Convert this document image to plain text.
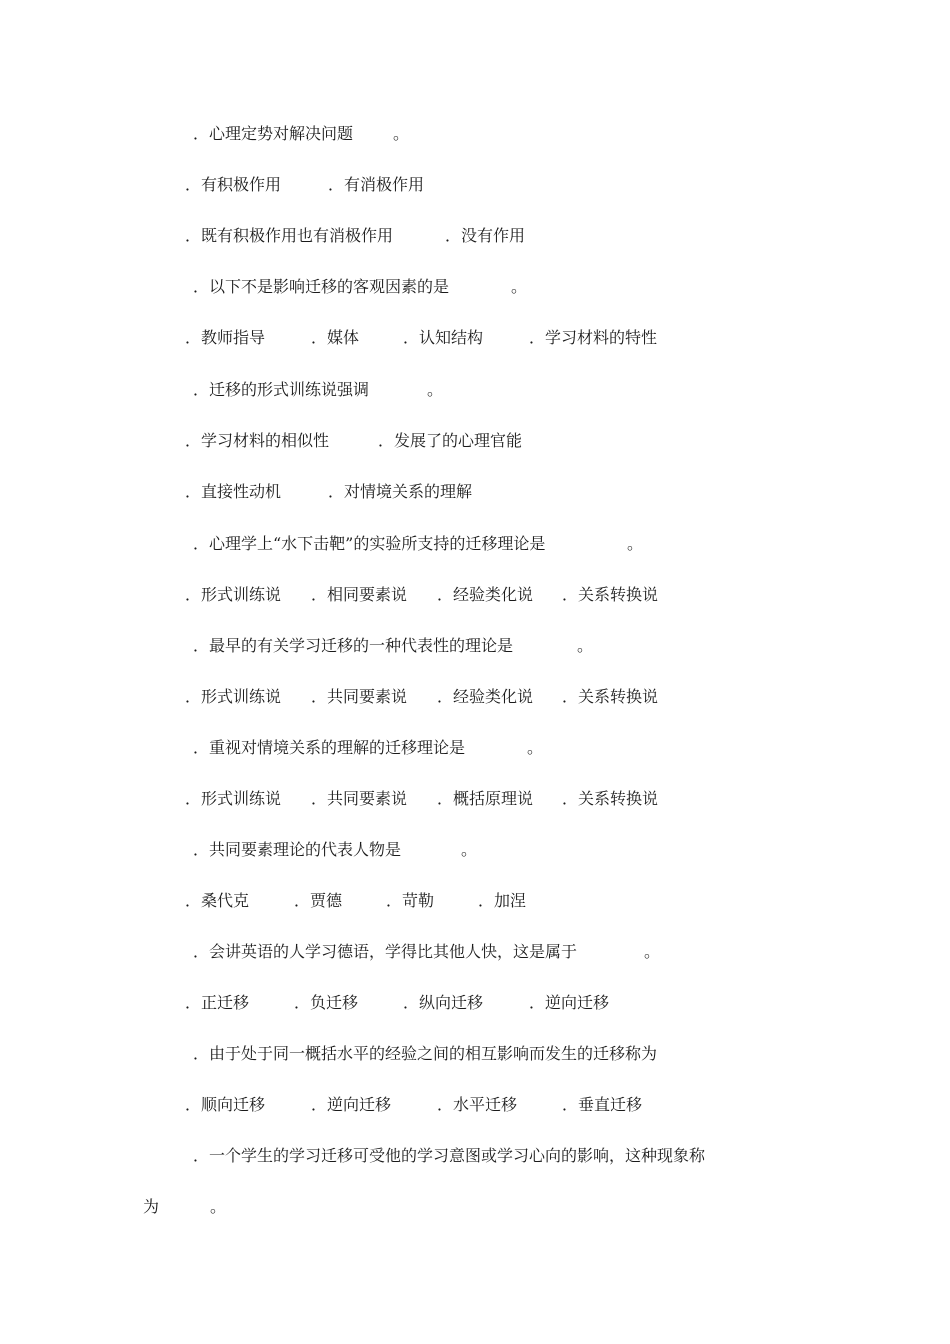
．心理定势对解决问题 。
．有积极作用	．有消极作用
．既有积极作用也有消极作用	．没有作用
．以下不是影响迁移的客观因素的是	。
．教师指导	．媒体	．认知结构	．学习材料的特性
．迁移的形式训练说强调	。
．学习材料的相似性	．发展了的心理官能
．直接性动机	．对情境关系的理解
．心理学上“水下击靶”的实验所支持的迁移理论是	。
．形式训练说 ．相同要素说 ．经验类化说 ．关系转换说
．最早的有关学习迁移的一种代表性的理论是	。
．形式训练说 ．共同要素说 ．经验类化说 ．关系转换说
．重视对情境关系的理解的迁移理论是	。
．形式训练说 ．共同要素说 ．概括原理说 ．关系转换说
．共同要素理论的代表人物是	。
．桑代克	．贾德	．苛勒	．加涅
．会讲英语的人学习德语，学得比其他人快，这是属于	。
．正迁移	．负迁移	．纵向迁移	．逆向迁移
．由于处于同一概括水平的经验之间的相互影响而发生的迁移称为
．顺向迁移	．逆向迁移	．水平迁移	．垂直迁移
．一个学生的学习迁移可受他的学习意图或学习心向的影响，这种现象称
为	。
